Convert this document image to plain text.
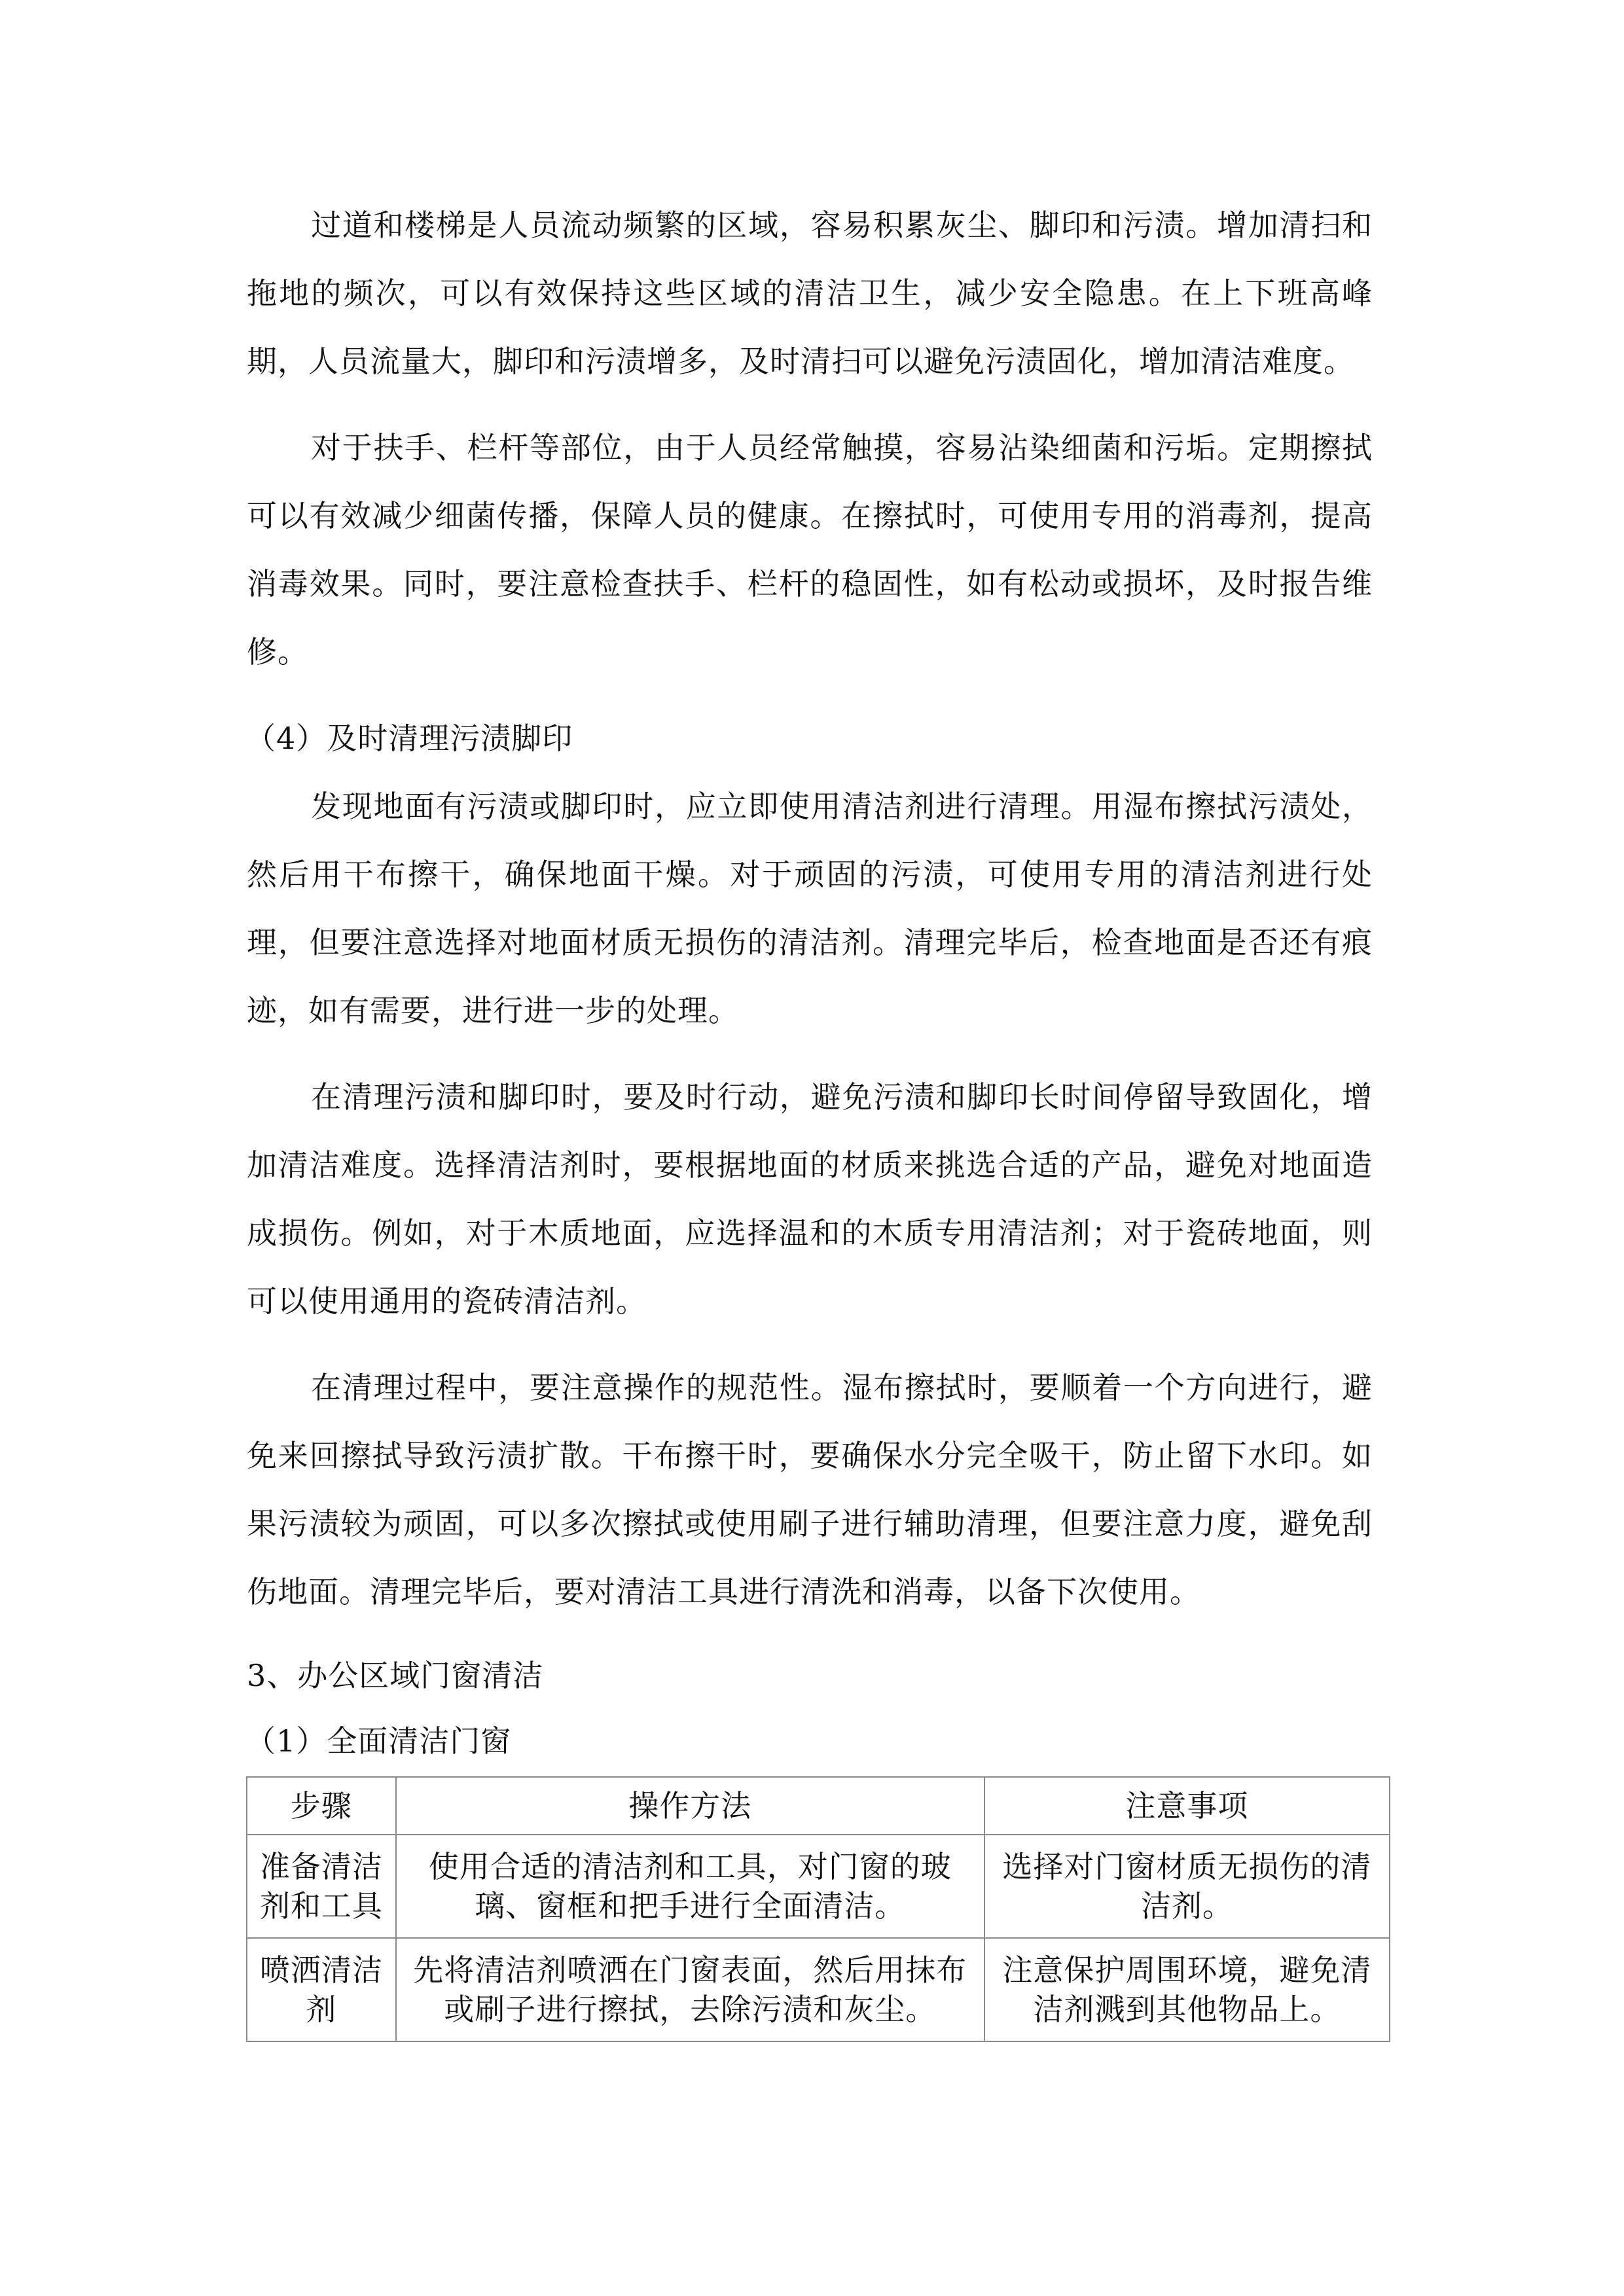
过道和楼梯是人员流动频繁的区域，容易积累灰尘、脚印和污渍。增加清扫和拖地的频次，可以有效保持这些区域的清洁卫生，减少安全隐患。在上下班高峰期，人员流量大，脚印和污渍增多，及时清扫可以避免污渍固化，增加清洁难度。

对于扶手、栏杆等部位，由于人员经常触摸，容易沾染细菌和污垢。定期擦拭可以有效减少细菌传播，保障人员的健康。在擦拭时，可使用专用的消毒剂，提高消毒效果。同时，要注意检查扶手、栏杆的稳固性，如有松动或损坏，及时报告维修。

（4）及时清理污渍脚印

发现地面有污渍或脚印时，应立即使用清洁剂进行清理。用湿布擦拭污渍处，然后用干布擦干，确保地面干燥。对于顽固的污渍，可使用专用的清洁剂进行处理，但要注意选择对地面材质无损伤的清洁剂。清理完毕后，检查地面是否还有痕迹，如有需要，进行进一步的处理。

在清理污渍和脚印时，要及时行动，避免污渍和脚印长时间停留导致固化，增加清洁难度。选择清洁剂时，要根据地面的材质来挑选合适的产品，避免对地面造成损伤。例如，对于木质地面，应选择温和的木质专用清洁剂；对于瓷砖地面，则可以使用通用的瓷砖清洁剂。

在清理过程中，要注意操作的规范性。湿布擦拭时，要顺着一个方向进行，避免来回擦拭导致污渍扩散。干布擦干时，要确保水分完全吸干，防止留下水印。如果污渍较为顽固，可以多次擦拭或使用刷子进行辅助清理，但要注意力度，避免刮伤地面。清理完毕后，要对清洁工具进行清洗和消毒，以备下次使用。

3、办公区域门窗清洁

（1）全面清洁门窗

步骤	操作方法	注意事项
准备清洁剂和工具	使用合适的清洁剂和工具，对门窗的玻璃、窗框和把手进行全面清洁。	选择对门窗材质无损伤的清洁剂。
喷洒清洁剂	先将清洁剂喷洒在门窗表面，然后用抹布或刷子进行擦拭，去除污渍和灰尘。	注意保护周围环境，避免清洁剂溅到其他物品上。
